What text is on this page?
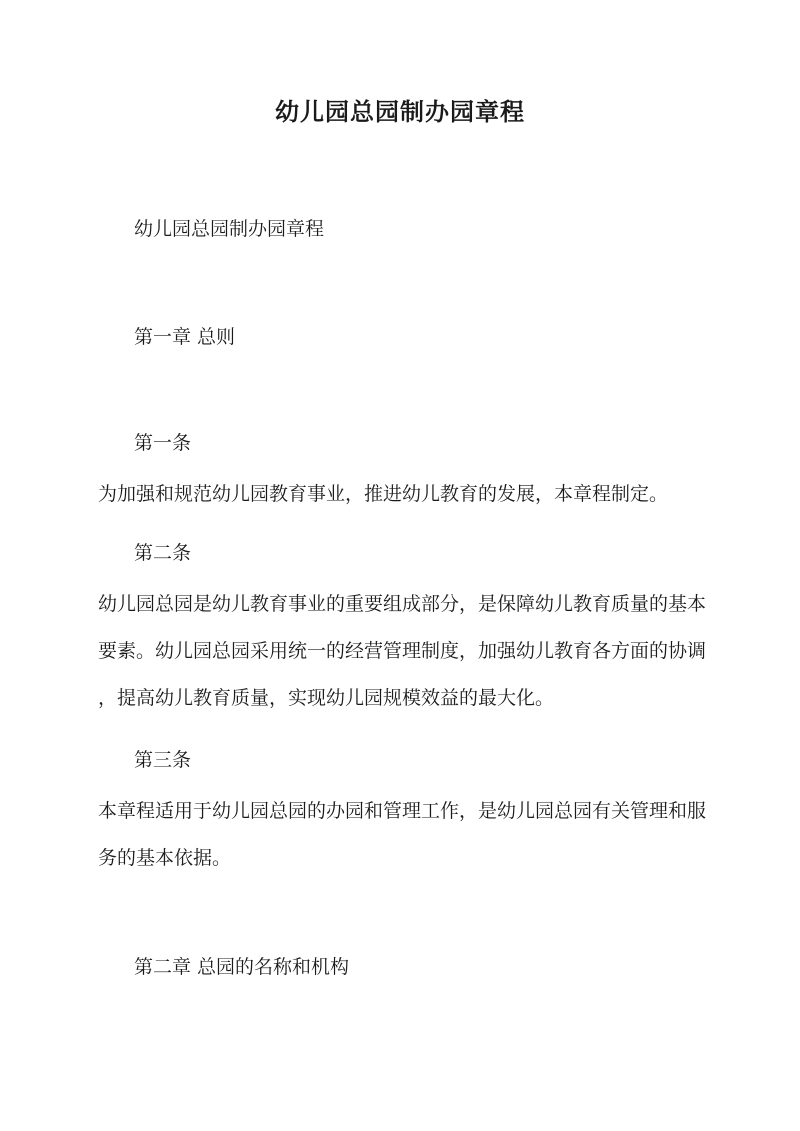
幼儿园总园制办园章程
幼儿园总园制办园章程
第一章 总则
第一条
为加强和规范幼儿园教育事业，推进幼儿教育的发展，本章程制定。
第二条
幼儿园总园是幼儿教育事业的重要组成部分，是保障幼儿教育质量的基本
要素。幼儿园总园采用统一的经营管理制度，加强幼儿教育各方面的协调
，提高幼儿教育质量，实现幼儿园规模效益的最大化。
第三条
本章程适用于幼儿园总园的办园和管理工作，是幼儿园总园有关管理和服
务的基本依据。
第二章 总园的名称和机构
